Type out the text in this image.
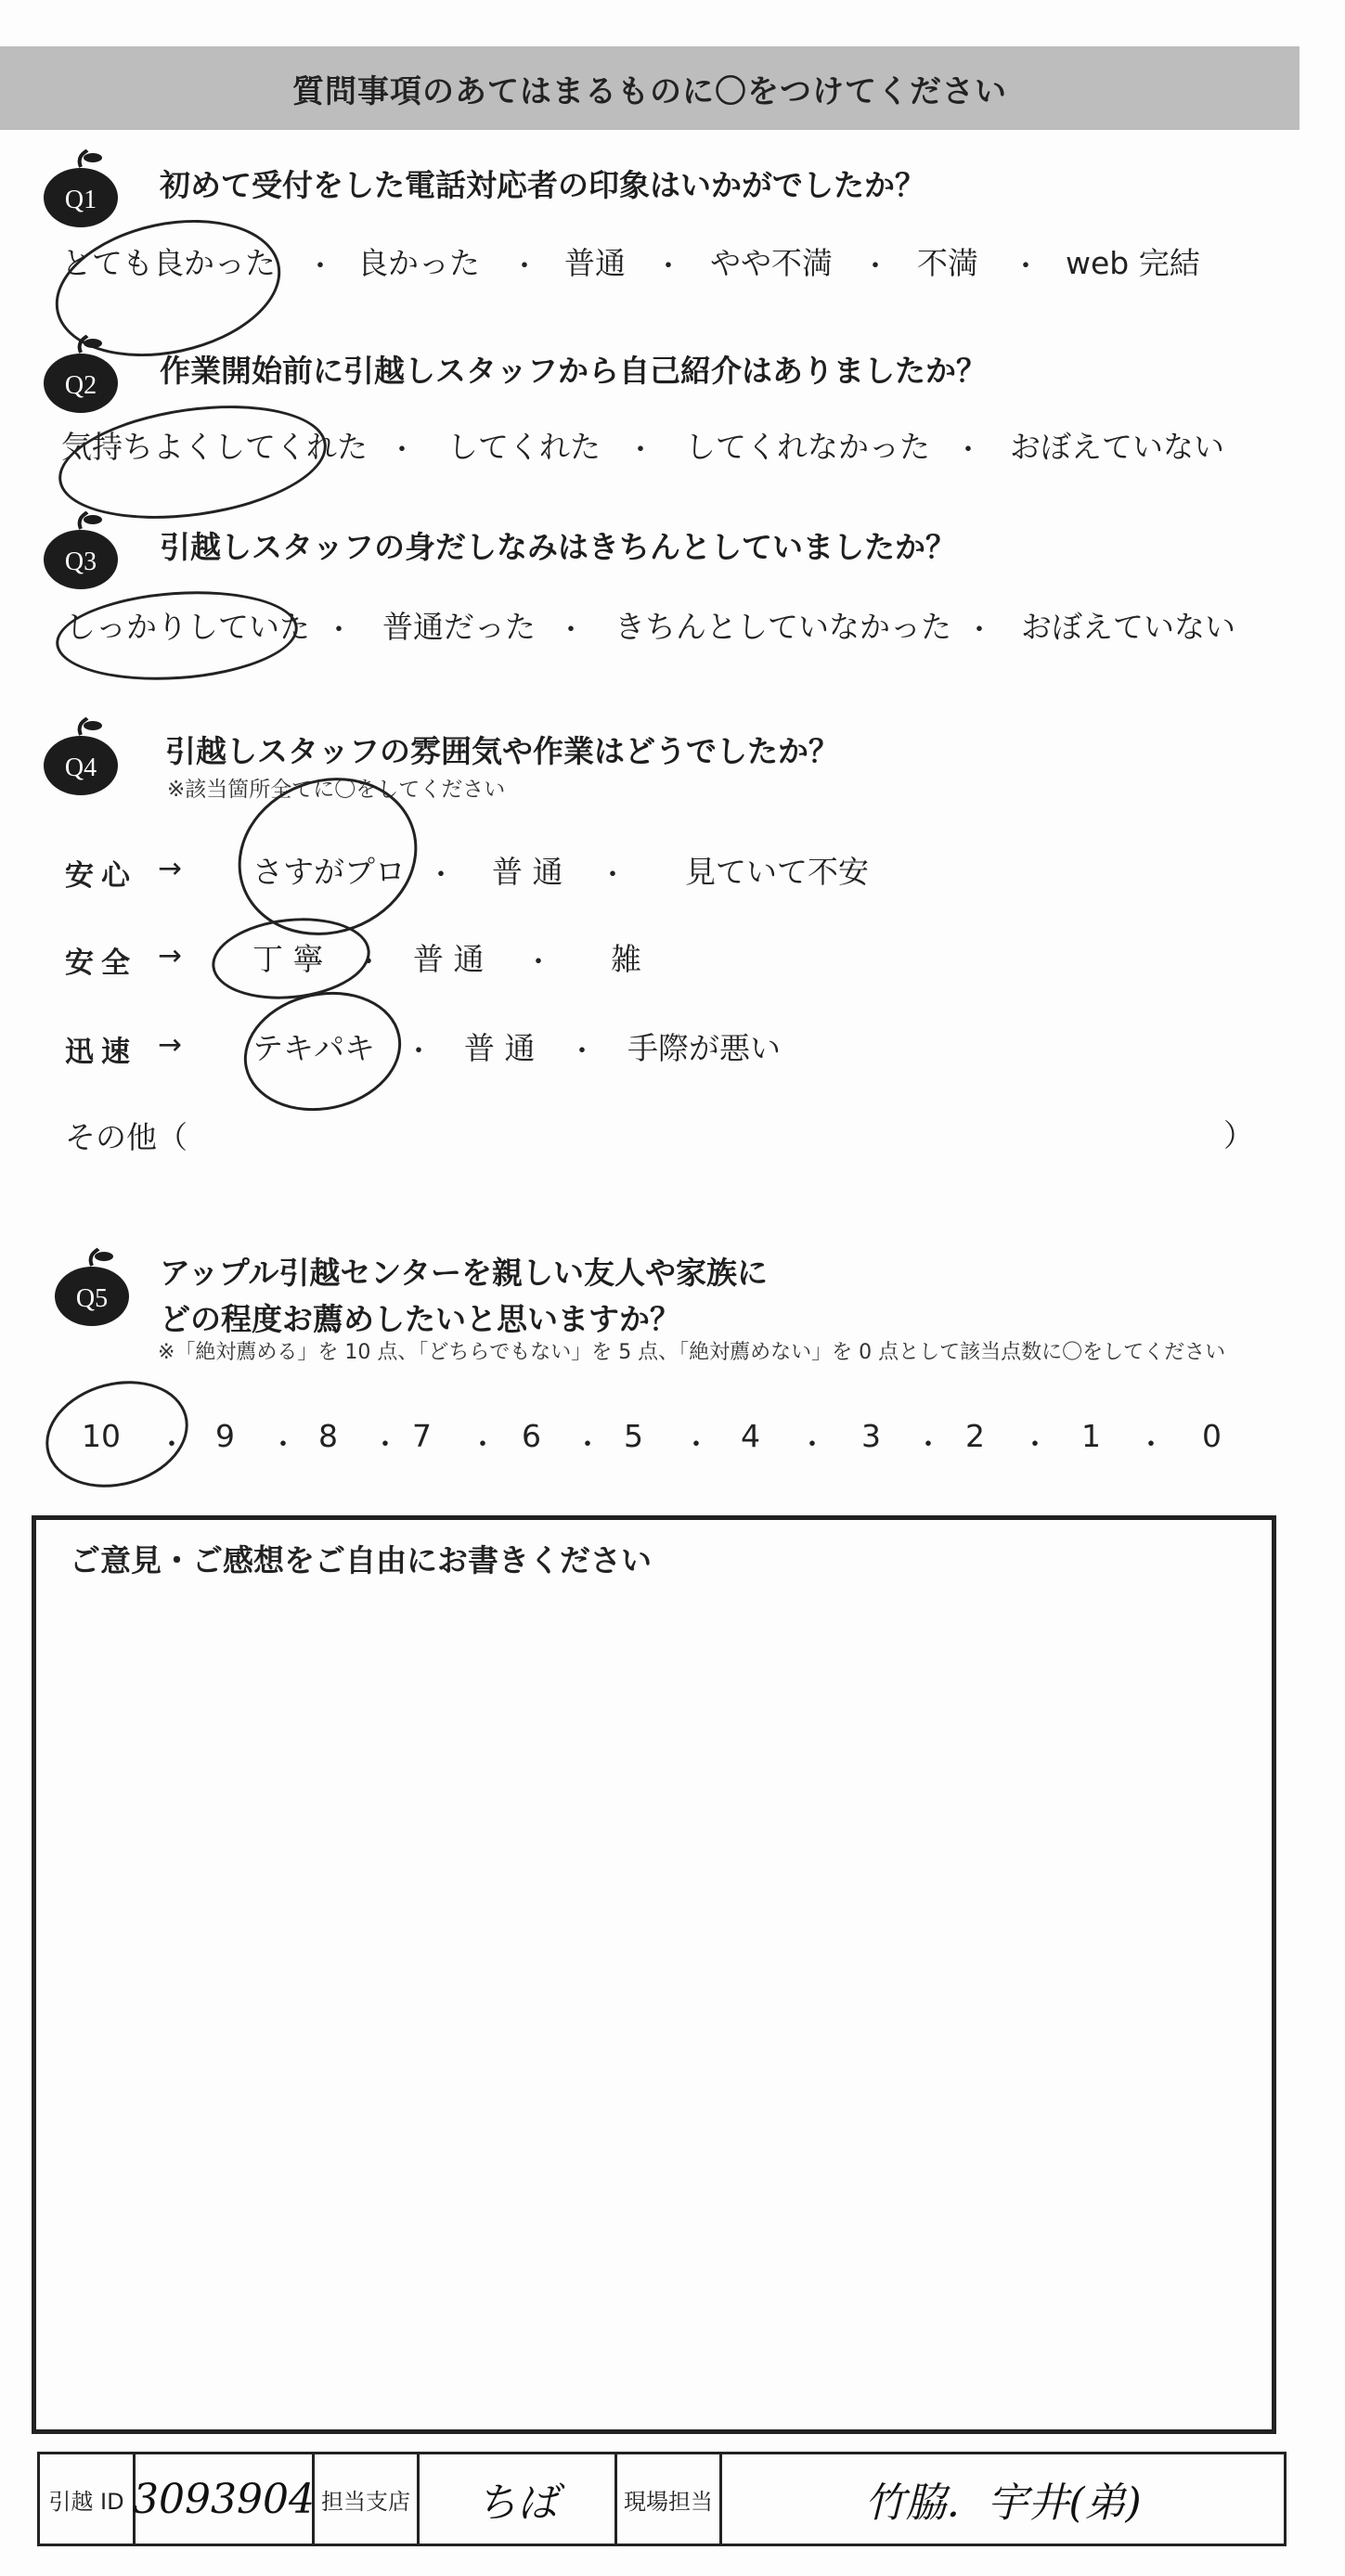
質問事項のあてはまるものに〇をつけてください
Q1 初めて受付をした電話対応者の印象はいかがでしたか？
とても良かった ・ 良かった ・ 普通 ・ やや不満 ・ 不満 ・ web 完結
Q2 作業開始前に引越しスタッフから自己紹介はありましたか？
気持ちよくしてくれた ・ してくれた ・ してくれなかった ・ おぼえていない
Q3 引越しスタッフの身だしなみはきちんとしていましたか？
しっかりしていた ・ 普通だった ・ きちんとしていなかった ・ おぼえていない
Q4 引越しスタッフの雰囲気や作業はどうでしたか？
※該当箇所全てに〇をしてください
安心 → さすがプロ ・ 普 通 ・ 見ていて不安
安全 → 丁 寧 ・ 普 通 ・ 雑
迅速 → テキパキ ・ 普 通 ・ 手際が悪い
その他（	）
Q5
アップル引越センターを親しい友人や家族に
どの程度お薦めしたいと思いますか？
※「絶対薦める」を 10 点、「どちらでもない」を 5 点、「絶対薦めない」を 0 点として該当点数に〇をしてください
10 ・ 9 ・ 8 ・ 7 ・ 6 ・ 5 ・ 4 ・ 3 ・ 2 ・ 1 ・ 0
ご意見・ご感想をご自由にお書きください
引越 ID 3093904 担当支店 ちば	現場担当	竹脇．宇井(弟)
